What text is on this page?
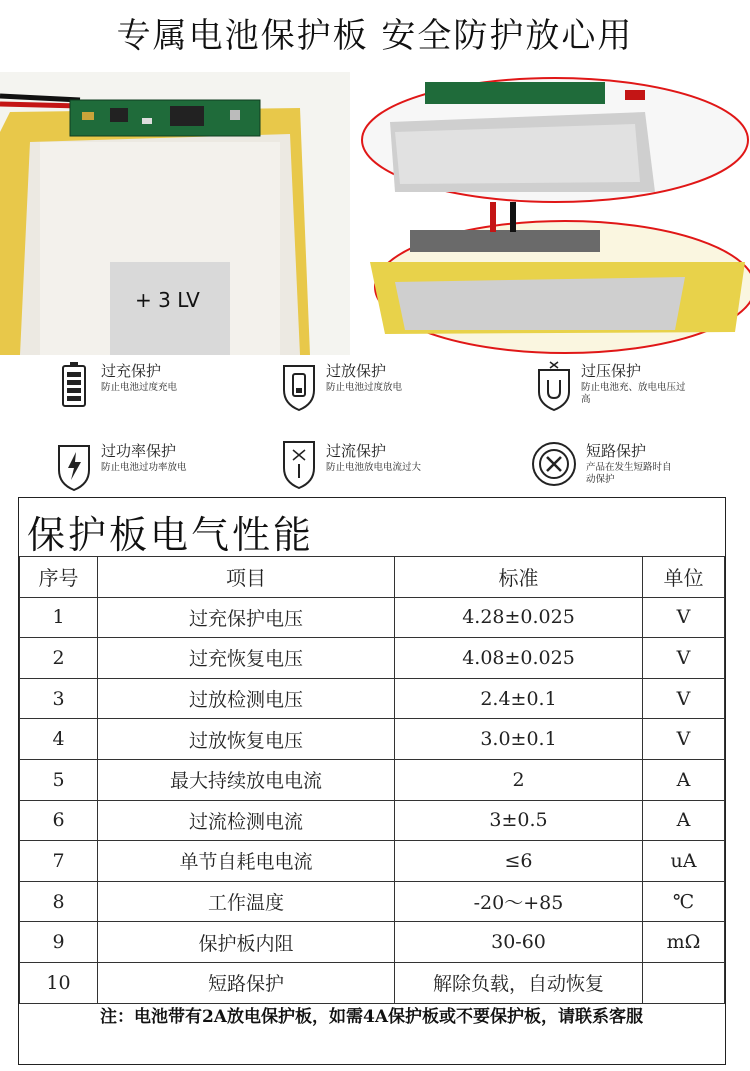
专属电池保护板 安全防护放心用
+ 3 LV
过充保护
防止电池过度充电
过放保护
防止电池过度放电
过压保护
防止电池充、放电电压过高
过功率保护
防止电池过功率放电
过流保护
防止电池放电电流过大
短路保护
产品在发生短路时自动保护
保护板电气性能
序号	项目	标准	单位
1	过充保护电压	4.28±0.025	V
2	过充恢复电压	4.08±0.025	V
3	过放检测电压	2.4±0.1	V
4	过放恢复电压	3.0±0.1	V
5	最大持续放电电流	2	A
6	过流检测电流	3±0.5	A
7	单节自耗电电流	≤6	uA
8	工作温度	-20～+85	℃
9	保护板内阻	30-60	mΩ
10	短路保护	解除负载，自动恢复	
注：电池带有2A放电保护板，如需4A保护板或不要保护板，请联系客服
